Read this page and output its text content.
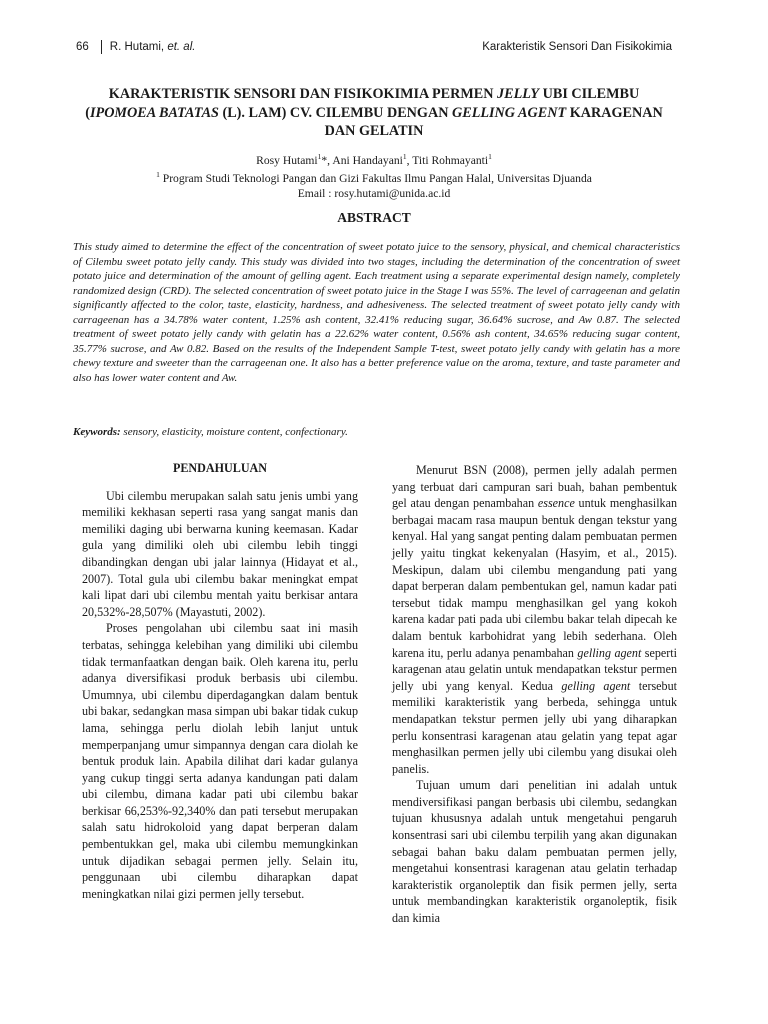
66 R. Hutami, et. al.	Karakteristik Sensori Dan Fisikokimia
KARAKTERISTIK SENSORI DAN FISIKOKIMIA PERMEN JELLY UBI CILEMBU (IPOMOEA BATATAS (L). LAM) CV. CILEMBU DENGAN GELLING AGENT KARAGENAN DAN GELATIN
Rosy Hutami$^1$*, Ani Handayani$^1$, Titi Rohmayanti$^1$
$^1$ Program Studi Teknologi Pangan dan Gizi Fakultas Ilmu Pangan Halal, Universitas Djuanda
Email : rosy.hutami@unida.ac.id
ABSTRACT
This study aimed to determine the effect of the concentration of sweet potato juice to the sensory, physical, and chemical characteristics of Cilembu sweet potato jelly candy. This study was divided into two stages, including the determination of the concentration of sweet potato juice and determination of the amount of gelling agent. Each treatment using a separate experimental design namely, completely randomized design (CRD). The selected concentration of sweet potato juice in the Stage I was 55%. The level of carrageenan and gelatin significantly affected to the color, taste, elasticity, hardness, and adhesiveness. The selected treatment of sweet potato jelly candy with carrageenan has a 34.78% water content, 1.25% ash content, 32.41% reducing sugar, 36.64% sucrose, and Aw 0.87. The selected treatment of sweet potato jelly candy with gelatin has a 22.62% water content, 0.56% ash content, 34.65% reducing sugar content, 35.77% sucrose, and Aw 0.82. Based on the results of the Independent Sample T-test, sweet potato jelly candy with gelatin has a more chewy texture and sweeter than the carrageenan one. It also has a better preference value on the aroma, texture, and taste parameter and also has lower water content and Aw.
Keywords: sensory, elasticity, moisture content, confectionary.
PENDAHULUAN

Ubi cilembu merupakan salah satu jenis umbi yang memiliki kekhasan seperti rasa yang sangat manis dan memiliki daging ubi berwarna kuning keemasan. Kadar gula yang dimiliki oleh ubi cilembu lebih tinggi dibandingkan dengan ubi jalar lainnya (Hidayat et al., 2007). Total gula ubi cilembu bakar meningkat empat kali lipat dari ubi cilembu mentah yaitu berkisar antara 20,532%-28,507% (Mayastuti, 2002).

Proses pengolahan ubi cilembu saat ini masih terbatas, sehingga kelebihan yang dimiliki ubi cilembu tidak termanfaatkan dengan baik. Oleh karena itu, perlu adanya diversifikasi produk berbasis ubi cilembu. Umumnya, ubi cilembu diperdagangkan dalam bentuk ubi bakar, sedangkan masa simpan ubi bakar tidak cukup lama, sehingga perlu diolah lebih lanjut untuk memperpanjang umur simpannya dengan cara diolah ke bentuk produk lain. Apabila dilihat dari kadar gulanya yang cukup tinggi serta adanya kandungan pati dalam ubi cilembu, dimana kadar pati ubi cilembu bakar berkisar 66,253%-92,340% dan pati tersebut merupakan salah satu hidrokoloid yang dapat berperan dalam pembentukkan gel, maka ubi cilembu memungkinkan untuk dijadikan sebagai permen jelly. Selain itu, penggunaan ubi cilembu diharapkan dapat meningkatkan nilai gizi permen jelly tersebut.

Menurut BSN (2008), permen jelly adalah permen yang terbuat dari campuran sari buah, bahan pembentuk gel atau dengan penambahan essence untuk menghasilkan berbagai macam rasa maupun bentuk dengan tekstur yang kenyal. Hal yang sangat penting dalam pembuatan permen jelly yaitu tingkat kekenyalan (Hasyim, et al., 2015). Meskipun, dalam ubi cilembu mengandung pati yang dapat berperan dalam pembentukan gel, namun kadar pati tersebut tidak mampu menghasilkan gel yang kokoh karena kadar pati pada ubi cilembu bakar telah dipecah ke dalam bentuk karbohidrat yang lebih sederhana. Oleh karena itu, perlu adanya penambahan gelling agent seperti karagenan atau gelatin untuk mendapatkan tekstur permen jelly ubi yang kenyal. Kedua gelling agent tersebut memiliki karakteristik yang berbeda, sehingga untuk mendapatkan tekstur permen jelly ubi yang diharapkan perlu konsentrasi karagenan atau gelatin yang tepat agar menghasilkan permen jelly ubi cilembu yang disukai oleh panelis.

Tujuan umum dari penelitian ini adalah untuk mendiversifikasi pangan berbasis ubi cilembu, sedangkan tujuan khususnya adalah untuk mengetahui pengaruh konsentrasi sari ubi cilembu terpilih yang akan digunakan sebagai bahan baku dalam pembuatan permen jelly, mengetahui konsentrasi karagenan atau gelatin terhadap karakteristik organoleptik dan fisik permen jelly, serta untuk membandingkan karakteristik organoleptik, fisik dan kimia
